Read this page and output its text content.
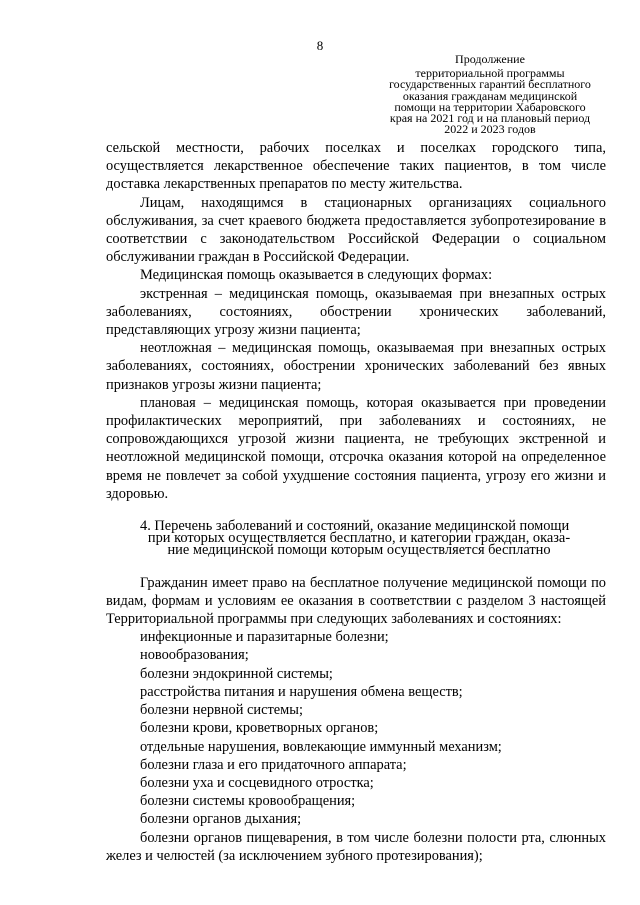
8
Продолжение
территориальной программы
государственных гарантий бесплатного
оказания гражданам медицинской
помощи на территории Хабаровского
края на 2021 год и на плановый период
2022 и 2023 годов

сельской местности, рабочих поселках и поселках городского типа, осуществляется лекарственное обеспечение таких пациентов, в том числе доставка лекарственных препаратов по месту жительства.

Лицам, находящимся в стационарных организациях социального обслуживания, за счет краевого бюджета предоставляется зубопротезирование в соответствии с законодательством Российской Федерации о социальном обслуживании граждан в Российской Федерации.

Медицинская помощь оказывается в следующих формах:

экстренная – медицинская помощь, оказываемая при внезапных острых заболеваниях, состояниях, обострении хронических заболеваний, представляющих угрозу жизни пациента;

неотложная – медицинская помощь, оказываемая при внезапных острых заболеваниях, состояниях, обострении хронических заболеваний без явных признаков угрозы жизни пациента;

плановая – медицинская помощь, которая оказывается при проведении профилактических мероприятий, при заболеваниях и состояниях, не сопровождающихся угрозой жизни пациента, не требующих экстренной и неотложной медицинской помощи, отсрочка оказания которой на определенное время не повлечет за собой ухудшение состояния пациента, угрозу его жизни и здоровью.

4. Перечень заболеваний и состояний, оказание медицинской помощи
при которых осуществляется бесплатно, и категории граждан, оказа-
ние медицинской помощи которым осуществляется бесплатно

Гражданин имеет право на бесплатное получение медицинской помощи по видам, формам и условиям ее оказания в соответствии с разделом 3 настоящей Территориальной программы при следующих заболеваниях и состояниях:

инфекционные и паразитарные болезни;

новообразования;

болезни эндокринной системы;

расстройства питания и нарушения обмена веществ;

болезни нервной системы;

болезни крови, кроветворных органов;

отдельные нарушения, вовлекающие иммунный механизм;

болезни глаза и его придаточного аппарата;

болезни уха и сосцевидного отростка;

болезни системы кровообращения;

болезни органов дыхания;

болезни органов пищеварения, в том числе болезни полости рта, слюнных желез и челюстей (за исключением зубного протезирования);
